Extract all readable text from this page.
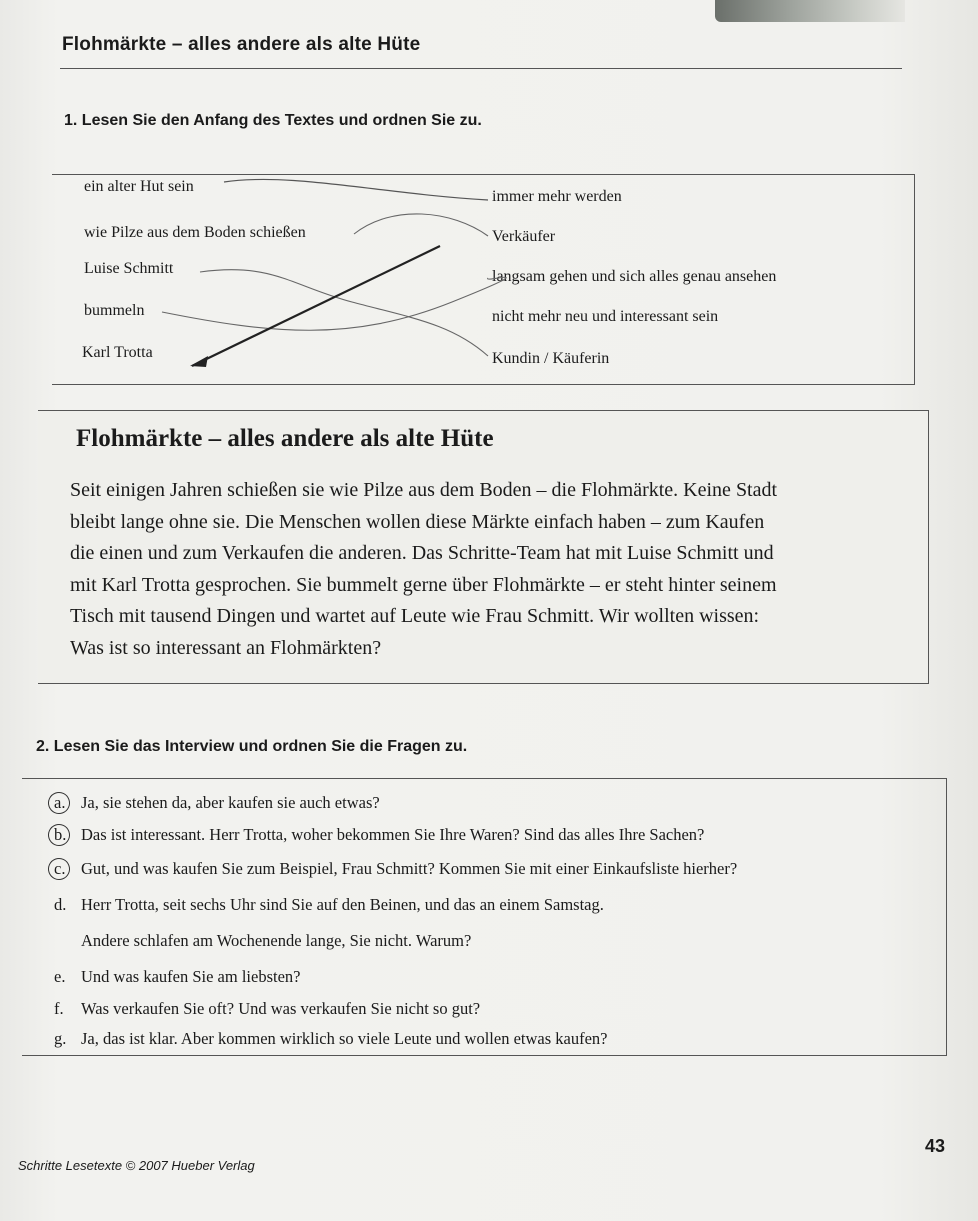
Flohmärkte – alles andere als alte Hüte
1. Lesen Sie den Anfang des Textes und ordnen Sie zu.
ein alter Hut sein
wie Pilze aus dem Boden schießen
Luise Schmitt
bummeln
Karl Trotta
immer mehr werden
Verkäufer
langsam gehen und sich alles genau ansehen
nicht mehr neu und interessant sein
Kundin / Käuferin
Flohmärkte – alles andere als alte Hüte

Seit einigen Jahren schießen sie wie Pilze aus dem Boden – die Flohmärkte. Keine Stadt

bleibt lange ohne sie. Die Menschen wollen diese Märkte einfach haben – zum Kaufen

die einen und zum Verkaufen die anderen. Das Schritte-Team hat mit Luise Schmitt und

mit Karl Trotta gesprochen. Sie bummelt gerne über Flohmärkte – er steht hinter seinem

Tisch mit tausend Dingen und wartet auf Leute wie Frau Schmitt. Wir wollten wissen:

Was ist so interessant an Flohmärkten?

2. Lesen Sie das Interview und ordnen Sie die Fragen zu.
a. Ja, sie stehen da, aber kaufen sie auch etwas?
b. Das ist interessant. Herr Trotta, woher bekommen Sie Ihre Waren? Sind das alles Ihre Sachen?
c. Gut, und was kaufen Sie zum Beispiel, Frau Schmitt? Kommen Sie mit einer Einkaufsliste hierher?
d. Herr Trotta, seit sechs Uhr sind Sie auf den Beinen, und das an einem Samstag.
Andere schlafen am Wochenende lange, Sie nicht. Warum?
e. Und was kaufen Sie am liebsten?
f. Was verkaufen Sie oft? Und was verkaufen Sie nicht so gut?
g. Ja, das ist klar. Aber kommen wirklich so viele Leute und wollen etwas kaufen?
43
Schritte Lesetexte © 2007 Hueber Verlag
